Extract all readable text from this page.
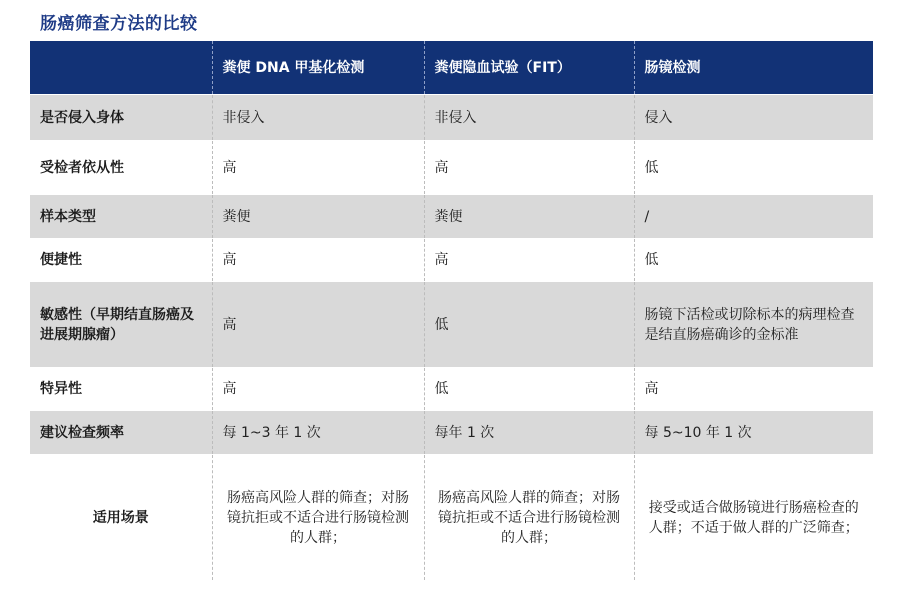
肠癌筛查方法的比较
	粪便 DNA 甲基化检测	粪便隐血试验（FIT）	肠镜检测
是否侵入身体	非侵入	非侵入	侵入
受检者依从性	高	高	低
样本类型	粪便	粪便	/
便捷性	高	高	低
敏感性（早期结直肠癌及进展期腺瘤）	高	低	肠镜下活检或切除标本的病理检查是结直肠癌确诊的金标准
特异性	高	低	高
建议检查频率	每 1~3 年 1 次	每年 1 次	每 5~10 年 1 次
适用场景	肠癌高风险人群的筛查；对肠镜抗拒或不适合进行肠镜检测的人群；	肠癌高风险人群的筛查；对肠镜抗拒或不适合进行肠镜检测的人群；	接受或适合做肠镜进行肠癌检查的人群；不适于做人群的广泛筛查；
